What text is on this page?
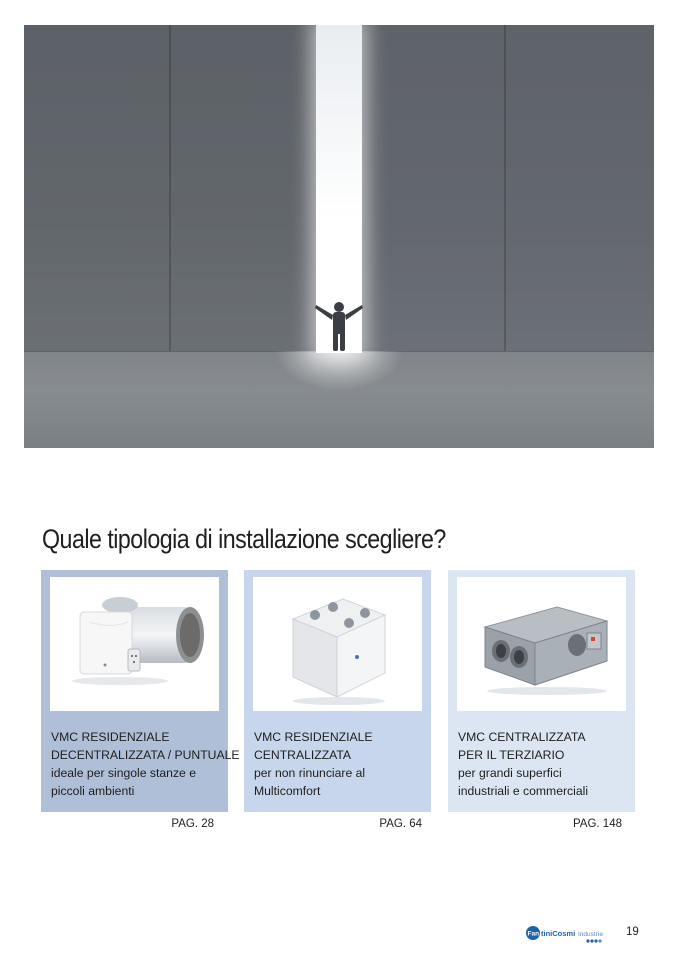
Quale tipologia di installazione scegliere?
VMC RESIDENZIALE
DECENTRALIZZATA / PUNTUALE
ideale per singole stanze e
piccoli ambienti
PAG. 28
VMC RESIDENZIALE
CENTRALIZZATA
per non rinunciare al
Multicomfort
PAG. 64
VMC CENTRALIZZATA
PER IL TERZIARIO
per grandi superfici
industriali e commerciali
PAG. 148
Fan tiniCosmi Industrie 19
